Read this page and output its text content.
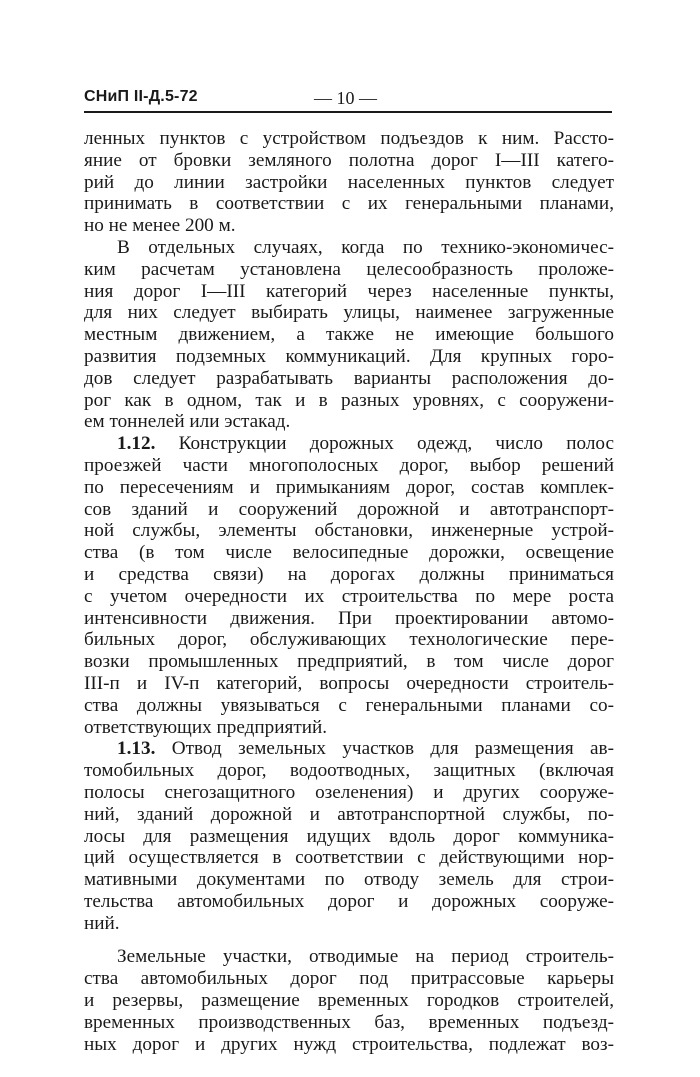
СНиП II-Д.5-72	— 10 —
ленных пунктов с устройством подъездов к ним. Рассто-
яние от бровки земляного полотна дорог I—III катего-
рий до линии застройки населенных пунктов следует
принимать в соответствии с их генеральными планами,
но не менее 200 м.
В отдельных случаях, когда по технико-экономичес-
ким расчетам установлена целесообразность проложе-
ния дорог I—III категорий через населенные пункты,
для них следует выбирать улицы, наименее загруженные
местным движением, а также не имеющие большого
развития подземных коммуникаций. Для крупных горо-
дов следует разрабатывать варианты расположения до-
рог как в одном, так и в разных уровнях, с сооружени-
ем тоннелей или эстакад.
1.12. Конструкции дорожных одежд, число полос
проезжей части многополосных дорог, выбор решений
по пересечениям и примыканиям дорог, состав комплек-
сов зданий и сооружений дорожной и автотранспорт-
ной службы, элементы обстановки, инженерные устрой-
ства (в том числе велосипедные дорожки, освещение
и средства связи) на дорогах должны приниматься
с учетом очередности их строительства по мере роста
интенсивности движения. При проектировании автомо-
бильных дорог, обслуживающих технологические пере-
возки промышленных предприятий, в том числе дорог
III-п и IV-п категорий, вопросы очередности строитель-
ства должны увязываться с генеральными планами со-
ответствующих предприятий.
1.13. Отвод земельных участков для размещения ав-
томобильных дорог, водоотводных, защитных (включая
полосы снегозащитного озеленения) и других сооруже-
ний, зданий дорожной и автотранспортной службы, по-
лосы для размещения идущих вдоль дорог коммуника-
ций осуществляется в соответствии с действующими нор-
мативными документами по отводу земель для строи-
тельства автомобильных дорог и дорожных сооруже-
ний.
Земельные участки, отводимые на период строитель-
ства автомобильных дорог под притрассовые карьеры
и резервы, размещение временных городков строителей,
временных производственных баз, временных подъезд-
ных дорог и других нужд строительства, подлежат воз-
